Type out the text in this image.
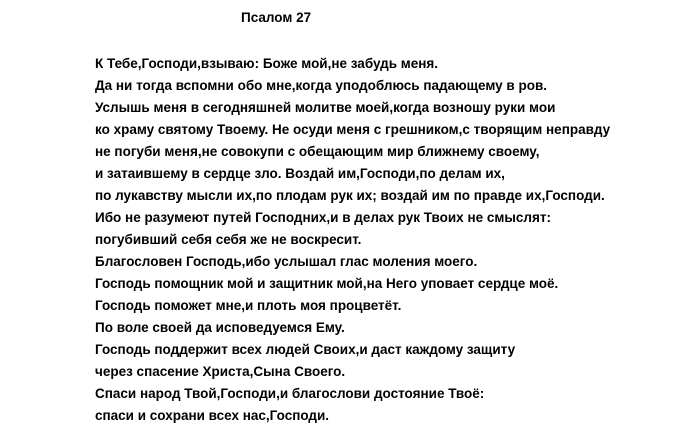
Псалом 27
К Тебе,Господи,взываю: Боже мой,не забудь меня.
Да ни тогда вспомни обо мне,когда уподоблюсь падающему в ров.
Услышь меня в сегодняшней молитве моей,когда вознoшу руки мои
ко храму святому Твоему. Не осуди меня с грешником,с творящим неправду
не погуби меня,не совокупи с обещающим мир ближнему своему,
и затаившему в сердце зло. Воздай им,Господи,по делам их,
по лукавству мысли их,по плодам рук их; воздай им по правде их,Господи.
Ибо не разумеют путей Господних,и в делах рук Твоих не смыслят:
погубивший себя себя же не воскресит.
Благословен Господь,ибо услышал глас моления моего.
Господь помощник мой и защитник мой,на Него уповает сердце моё.
Господь поможет мне,и плоть моя процветёт.
По воле своей да исповедуемся Ему.
Господь поддержит всех людей Своих,и даст каждому защиту
через спасение Христа,Сына Своего.
Спаси народ Твой,Господи,и благослови достояние Твоё:
спаси и сохрани всех нас,Господи.
